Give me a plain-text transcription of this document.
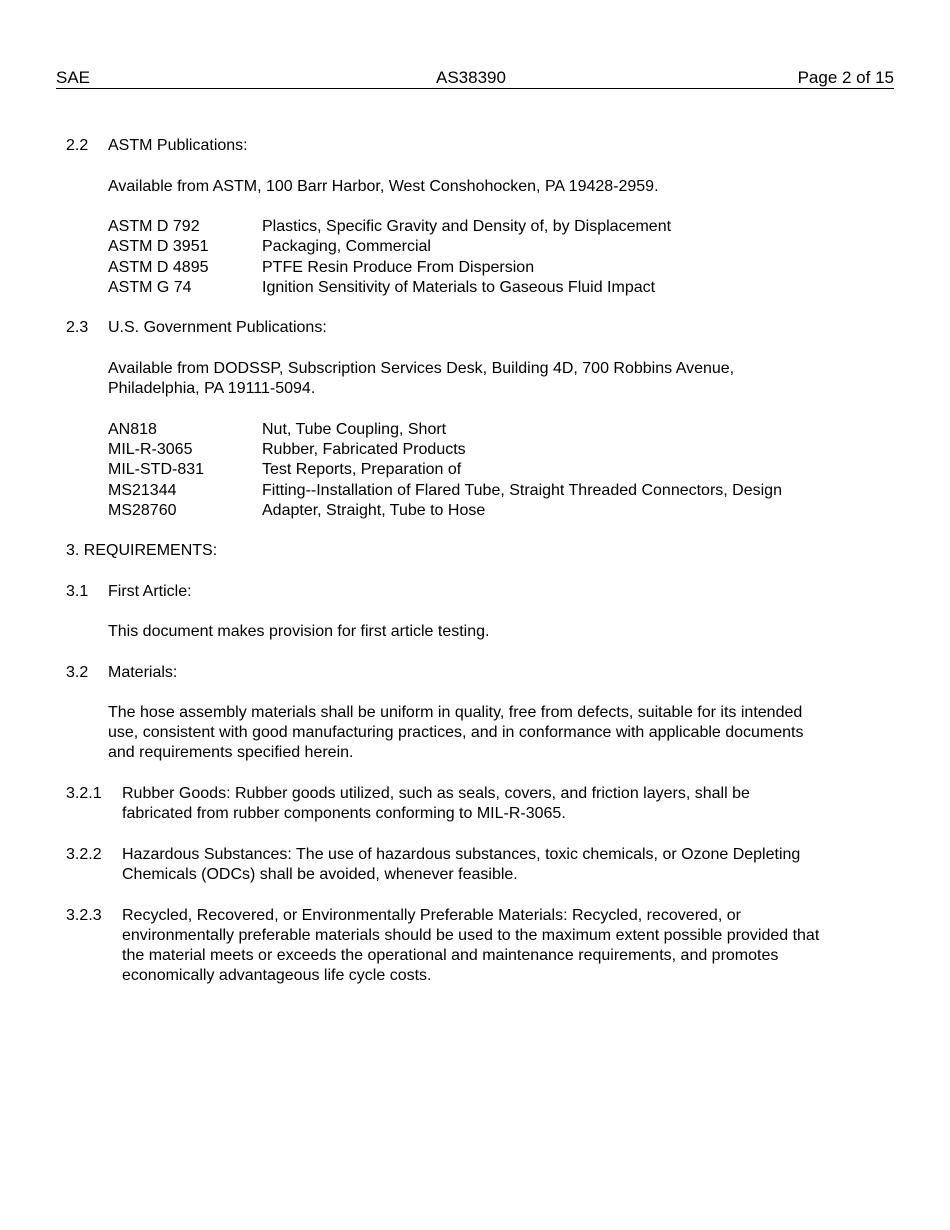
SAE	AS38390	Page 2 of 15
2.2 ASTM Publications:
Available from ASTM, 100 Barr Harbor, West Conshohocken, PA 19428-2959.
ASTM D 792	Plastics, Specific Gravity and Density of, by Displacement
ASTM D 3951	Packaging, Commercial
ASTM D 4895	PTFE Resin Produce From Dispersion
ASTM G 74	Ignition Sensitivity of Materials to Gaseous Fluid Impact
2.3 U.S. Government Publications:
Available from DODSSP, Subscription Services Desk, Building 4D, 700 Robbins Avenue,
Philadelphia, PA 19111-5094.
AN818	Nut, Tube Coupling, Short
MIL-R-3065	Rubber, Fabricated Products
MIL-STD-831	Test Reports, Preparation of
MS21344	Fitting--Installation of Flared Tube, Straight Threaded Connectors, Design
MS28760	Adapter, Straight, Tube to Hose
3. REQUIREMENTS:
3.1 First Article:
This document makes provision for first article testing.
3.2 Materials:
The hose assembly materials shall be uniform in quality, free from defects, suitable for its intended
use, consistent with good manufacturing practices, and in conformance with applicable documents
and requirements specified herein.
3.2.1 Rubber Goods: Rubber goods utilized, such as seals, covers, and friction layers, shall be
fabricated from rubber components conforming to MIL-R-3065.
3.2.2 Hazardous Substances: The use of hazardous substances, toxic chemicals, or Ozone Depleting
Chemicals (ODCs) shall be avoided, whenever feasible.
3.2.3 Recycled, Recovered, or Environmentally Preferable Materials: Recycled, recovered, or
environmentally preferable materials should be used to the maximum extent possible provided that
the material meets or exceeds the operational and maintenance requirements, and promotes
economically advantageous life cycle costs.
